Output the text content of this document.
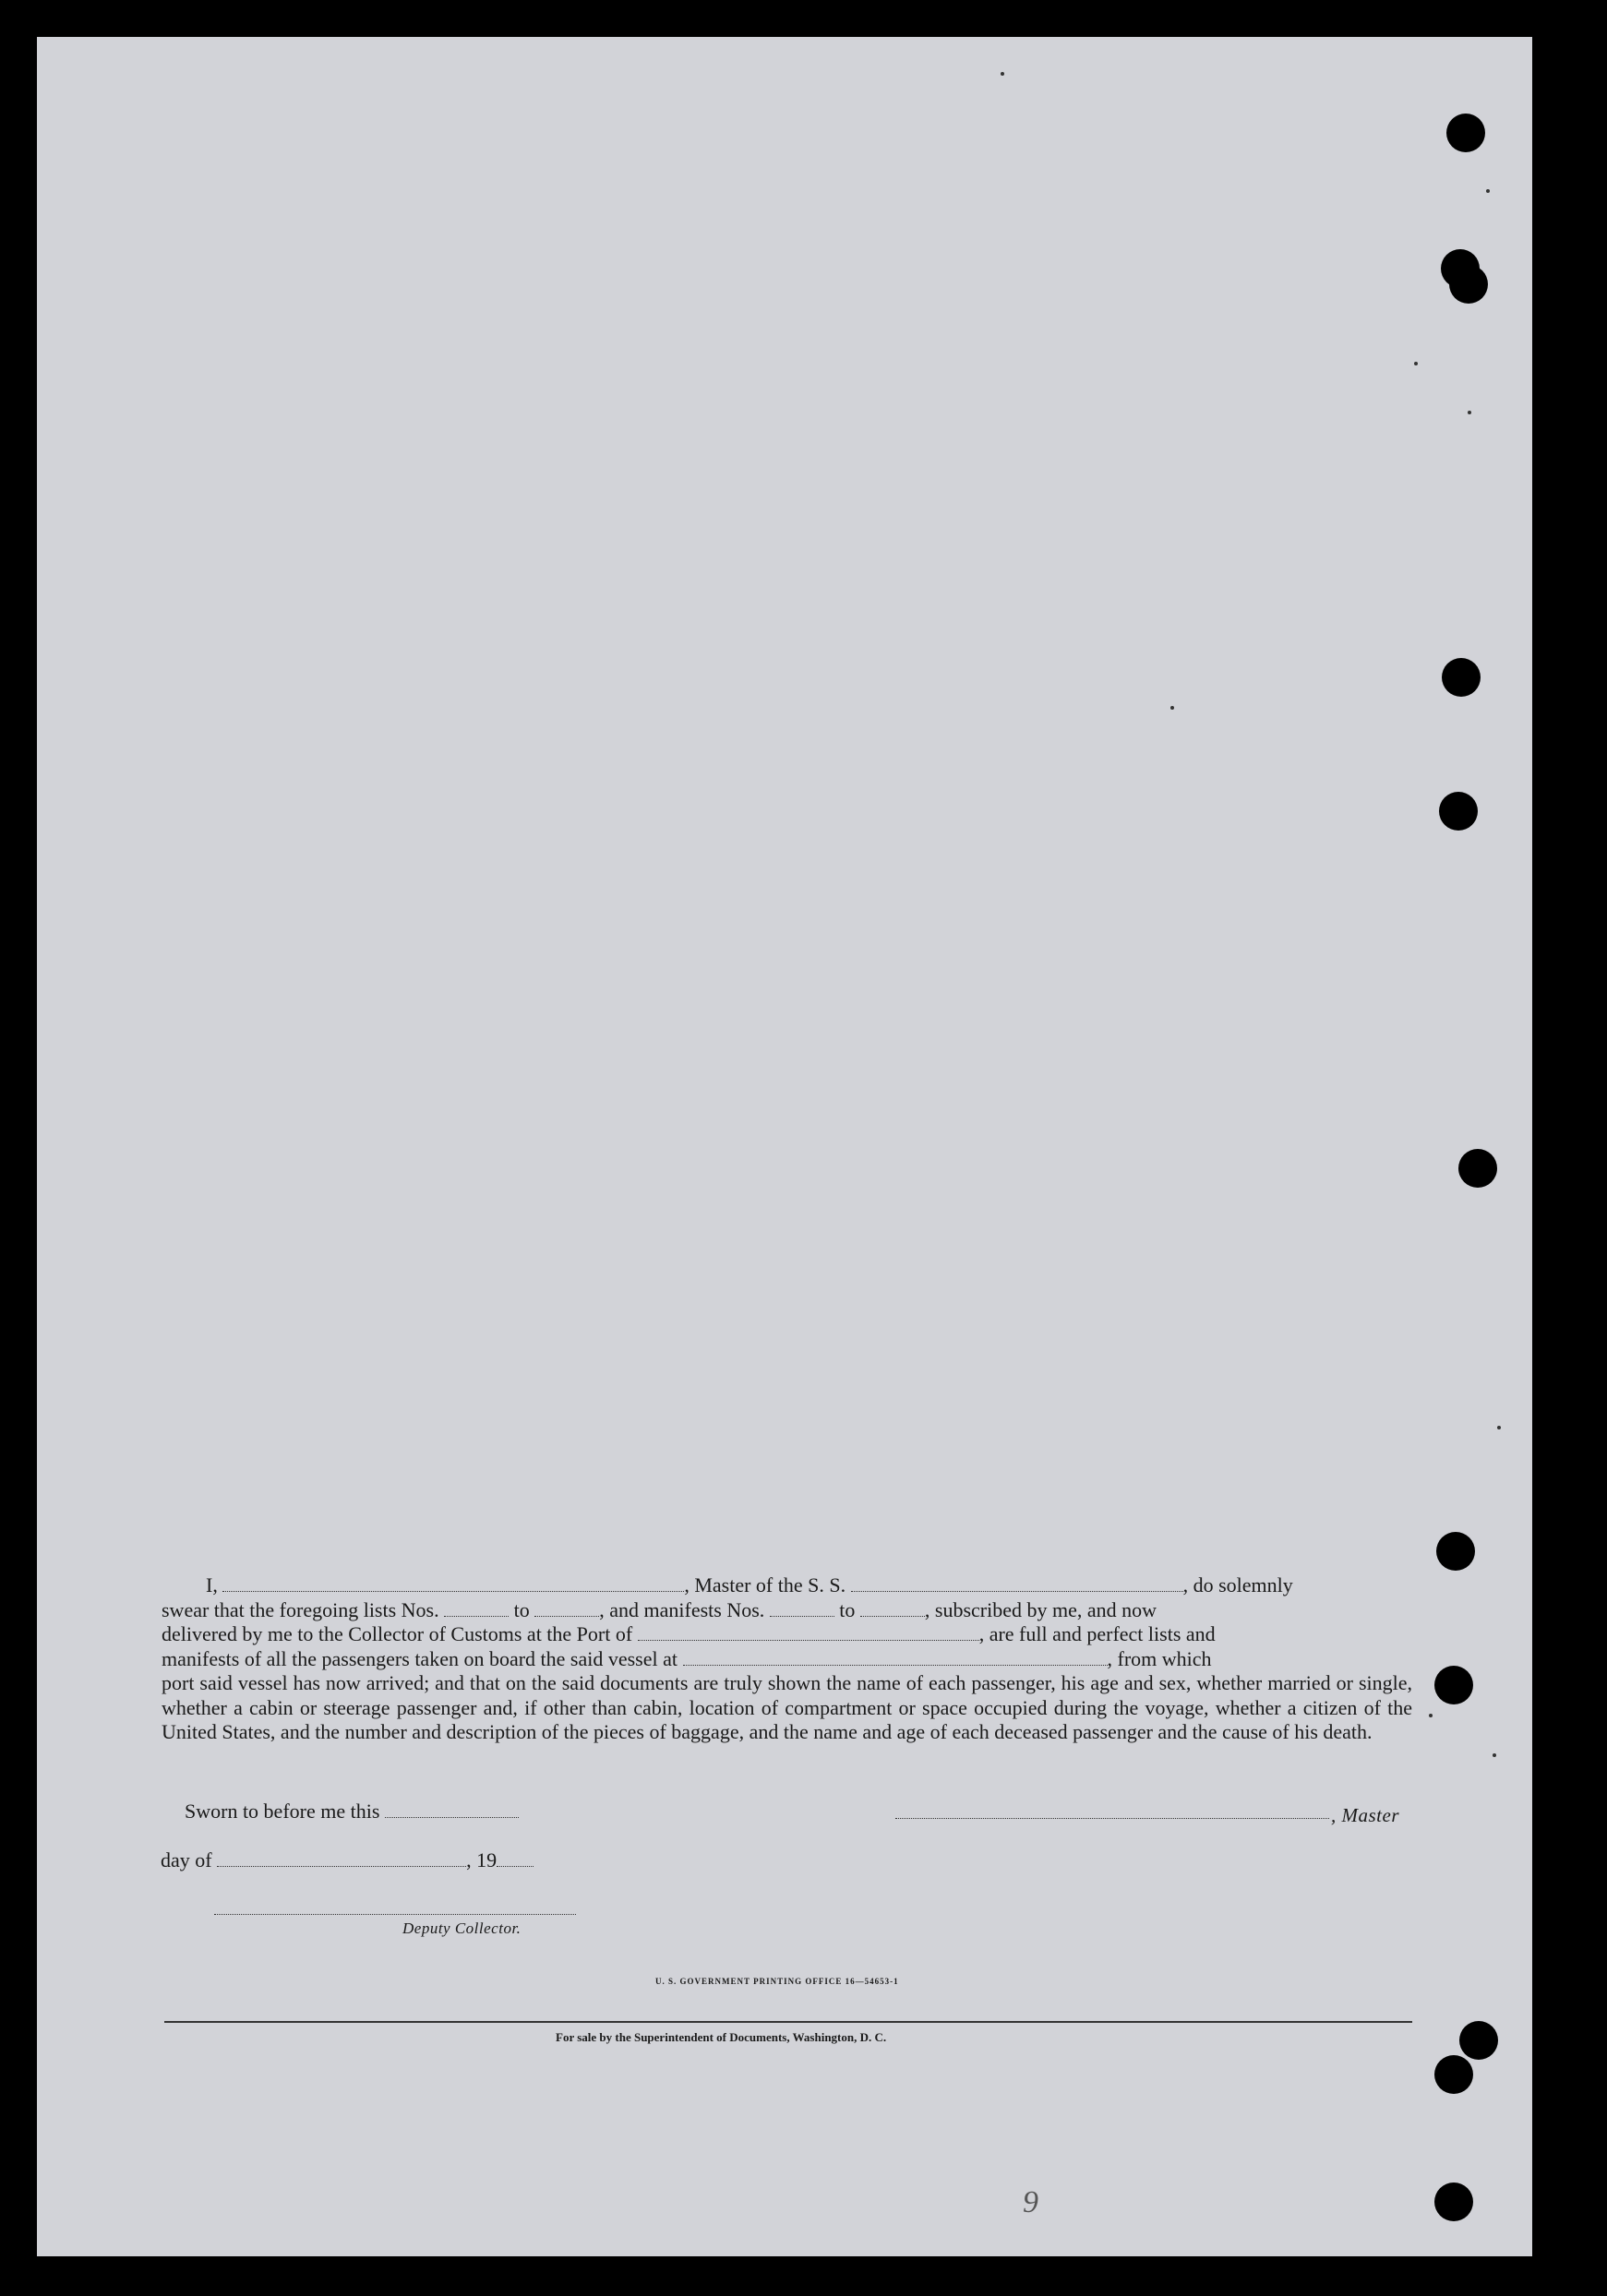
I,	, Master of the S. S.	, do solemnly
swear that the foregoing lists Nos.	to	, and manifests Nos.	to	, subscribed by me, and now
delivered by me to the Collector of Customs at the Port of	, are full and perfect lists and
manifests of all the passengers taken on board the said vessel at	, from which
port said vessel has now arrived; and that on the said documents are truly shown the name of each passenger, his age and sex, whether married or single, whether a cabin or steerage passenger and, if other than cabin, location of compartment or space occupied during the voyage, whether a citizen of the United States, and the number and description of the pieces of baggage, and the name and age of each deceased passenger and the cause of his death.
Sworn to before me this	, Master
day of	, 19
Deputy Collector.
U. S. GOVERNMENT PRINTING OFFICE 16—54653-1
For sale by the Superintendent of Documents, Washington, D. C.
9
